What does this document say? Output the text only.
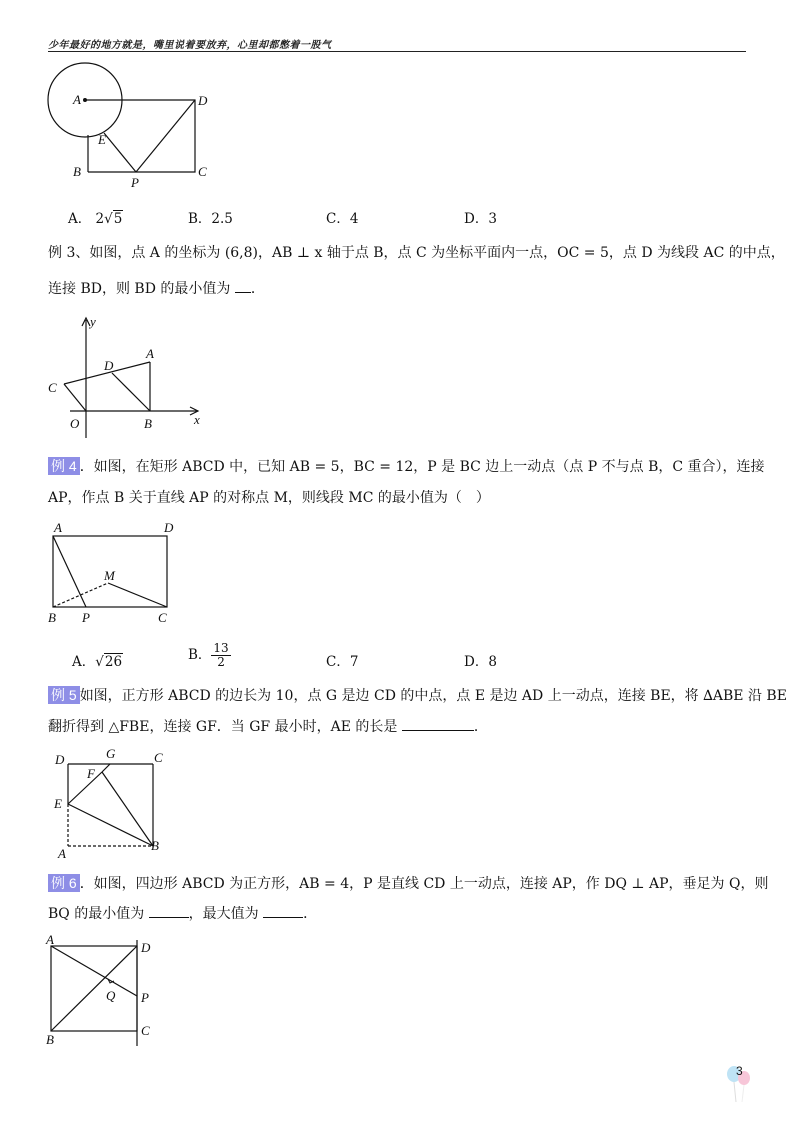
少年最好的地方就是，嘴里说着要放弃，心里却都憋着一股气
A	D
E
B	C
P
A． 2√5	B．2.5	C．4	D．3
例 3、如图，点 A 的坐标为 (6,8)，AB ⊥ x 轴于点 B，点 C 为坐标平面内一点，OC = 5，点 D 为线段 AC 的中点，
连接 BD，则 BD 的最小值为 ．
y
A
D
C
O	B	x
例 4 ．如图，在矩形 ABCD 中，已知 AB = 5，BC = 12，P 是 BC 边上一动点（点 P 不与点 B，C 重合），连接
AP，作点 B 关于直线 AP 的对称点 M，则线段 MC 的最小值为（　）
A	D
M
B P	C
A．√26	B． $\frac{13}{2}$	C．7	D．8
例 5 如图，正方形 ABCD 的边长为 10，点 G 是边 CD 的中点，点 E 是边 AD 上一动点，连接 BE，将 ∆ABE 沿 BE
翻折得到 △FBE，连接 GF．当 GF 最小时，AE 的长是	．
D	G	C
F
E
A
B
例 6 ．如图，四边形 ABCD 为正方形，AB = 4，P 是直线 CD 上一动点，连接 AP，作 DQ ⊥ AP，垂足为 Q，则
BQ 的最小值为	，最大值为	．
A
D
Q P
C
B
3
